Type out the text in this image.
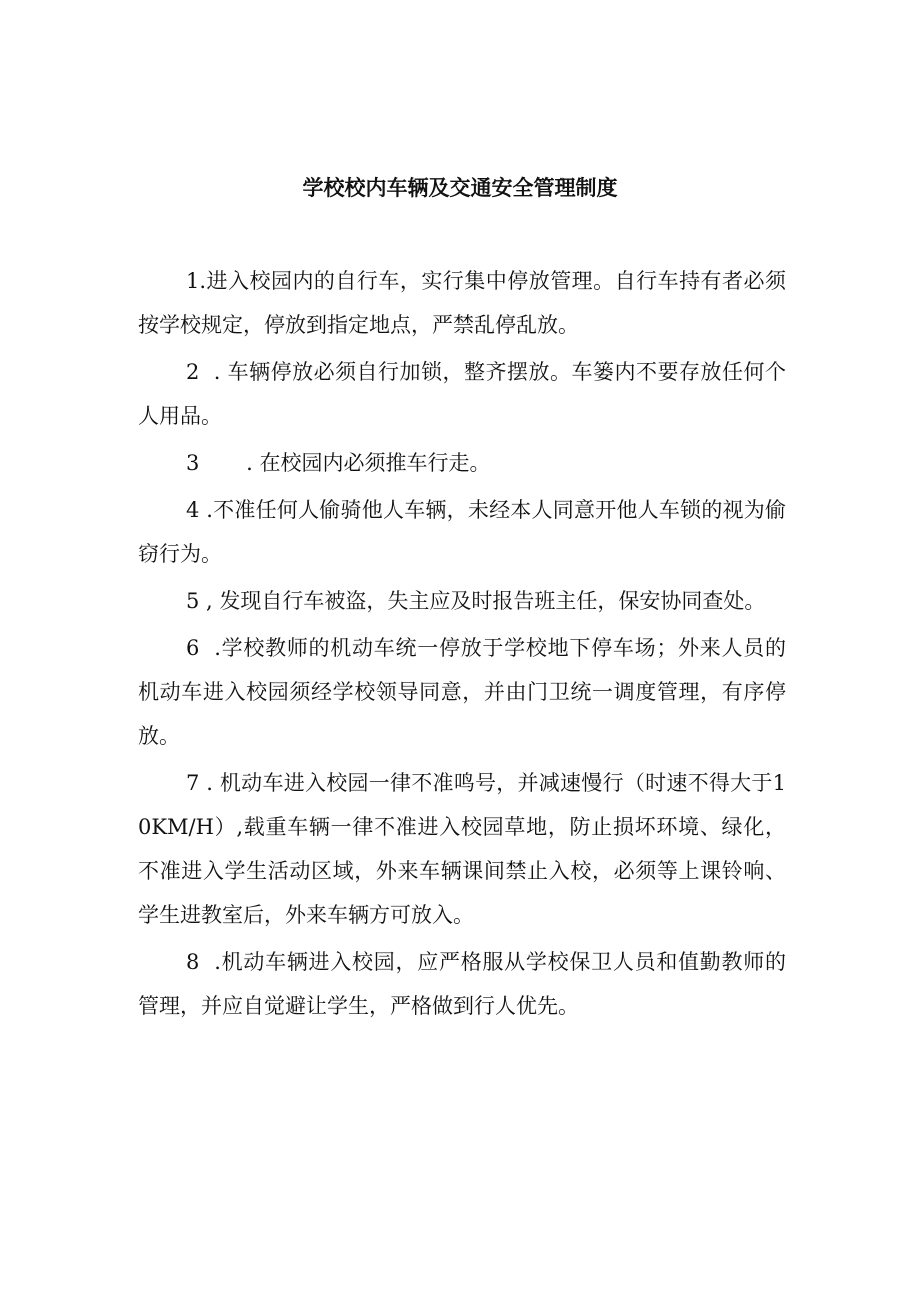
学校校内车辆及交通安全管理制度

1.进入校园内的自行车，实行集中停放管理。自行车持有者必须按学校规定，停放到指定地点，严禁乱停乱放。

2  . 车辆停放必须自行加锁，整齐摆放。车篓内不要存放任何个人用品。

3       . 在校园内必须推车行走。

4 .不准任何人偷骑他人车辆，未经本人同意开他人车锁的视为偷窃行为。

5 , 发现自行车被盗，失主应及时报告班主任，保安协同查处。

6  .学校教师的机动车统一停放于学校地下停车场；外来人员的机动车进入校园须经学校领导同意，并由门卫统一调度管理，有序停放。

7 . 机动车进入校园一律不准鸣号，并减速慢行（时速不得大于10KM/H）,载重车辆一律不准进入校园草地，防止损坏环境、绿化，不准进入学生活动区域，外来车辆课间禁止入校，必须等上课铃响、学生进教室后，外来车辆方可放入。

8  .机动车辆进入校园，应严格服从学校保卫人员和值勤教师的管理，并应自觉避让学生，严格做到行人优先。
